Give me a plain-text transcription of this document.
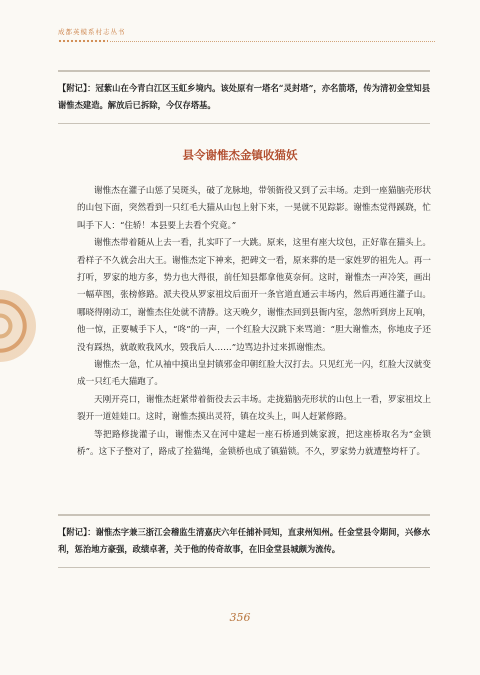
成都英模系村志丛书
【附记】：冠紫山在今青白江区玉虹乡境内。该处原有一塔名“灵封塔”，亦名箭塔，传为清初金堂知县谢惟杰建造。解放后已拆除，今仅存塔基。
县令谢惟杰金镇收猫妖

谢惟杰在灌子山惩了吴斑头，破了龙脉地，带领衙役又到了云丰场。走到一座猫脑壳形状的山包下面，突然看到一只红毛大猫从山包上射下来，一晃就不见踪影。谢惟杰觉得蹊跷，忙叫手下人：“住轿！本县要上去看个究竟。”

谢惟杰带着随从上去一看，扎实吓了一大跳。原来，这里有座大坟包，正好靠在猫头上。看样子不久就会出大王。谢惟杰定下神来，把碑文一看，原来葬的是一家姓罗的祖先人。再一打听，罗家的地方多，势力也大得很，前任知县都拿他莫奈何。这时，谢惟杰一声冷笑，画出一幅草图，张榜修路。派夫役从罗家祖坟后面开一条官道直通云丰场内，然后再通往灌子山。哪晓得刚动工，谢惟杰住处就不清静。这天晚夕，谢惟杰回到县衙内室，忽然听到房上瓦响，他一惊，正要喊手下人，“咚”的一声，一个红脸大汉跳下来骂道：“胆大谢惟杰，你地皮子还没有踩热，就敢败我风水，毁我后人……”边骂边扑过来抓谢惟杰。

谢惟杰一急，忙从袖中摸出皇封镇邪金印朝红脸大汉打去。只见红光一闪，红脸大汉就变成一只红毛大猫跑了。

天刚开亮口，谢惟杰赶紧带着衙役去云丰场。走拢猫脑壳形状的山包上一看，罗家祖坟上裂开一道娃娃口。这时，谢惟杰摸出灵符，镇在坟头上，叫人赶紧修路。

等把路修拢灌子山，谢惟杰又在河中建起一座石桥通到姚家渡，把这座桥取名为“金锁桥”。这下子整对了，路成了拴猫绳，金锁桥也成了镇猫锁。不久，罗家势力就遭整垮杆了。

【附记】：谢惟杰字兼三浙江会稽监生清嘉庆六年任捕补同知，直隶州知州。任金堂县令期间，兴修水利，惩治地方豪强，政绩卓著，关于他的传奇故事，在旧金堂县城颇为流传。
356
